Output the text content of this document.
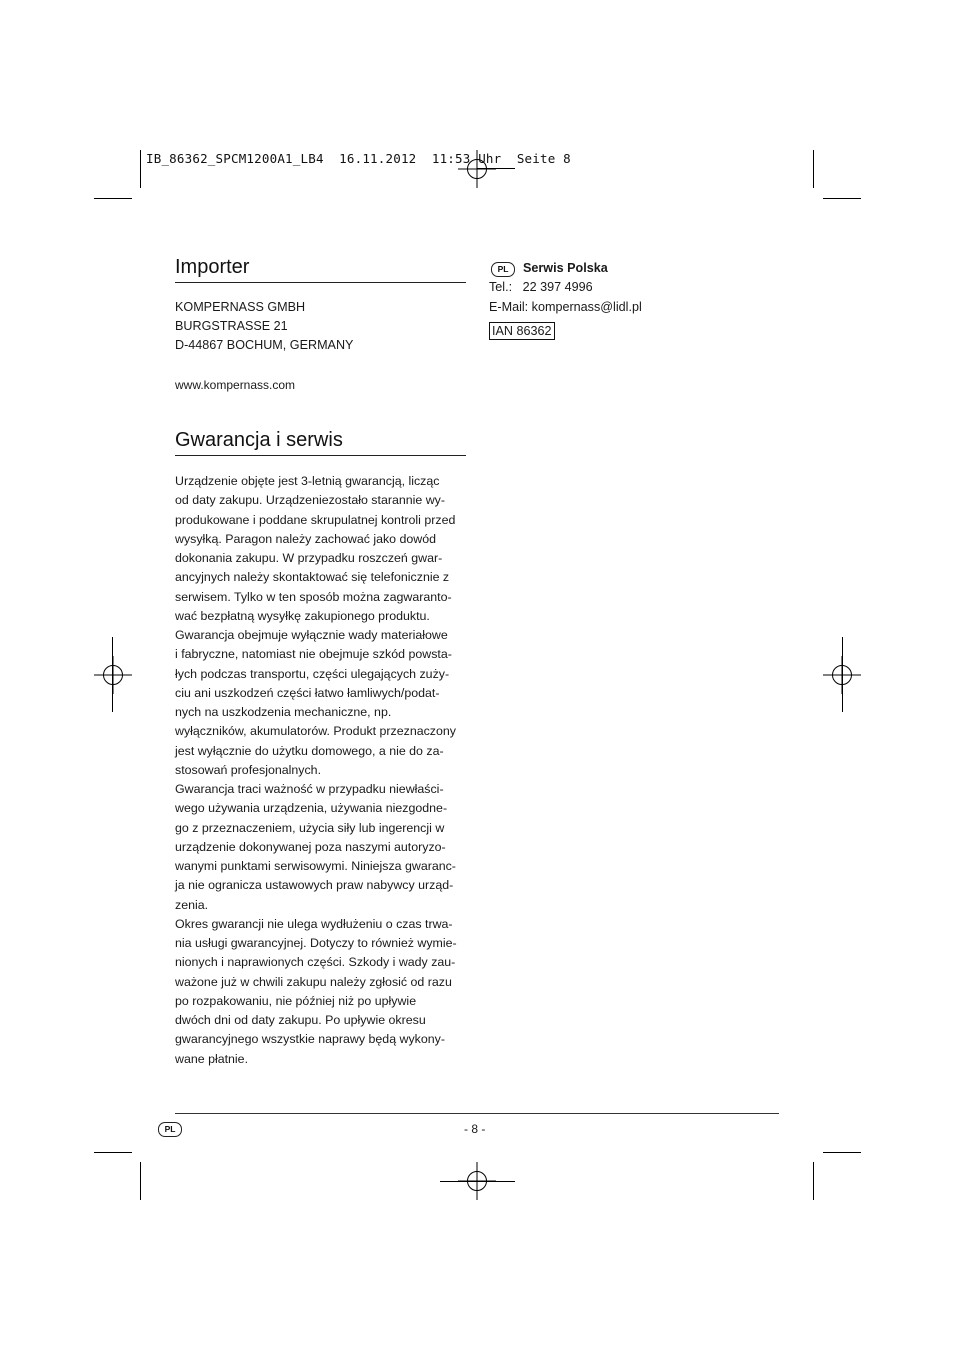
IB_86362_SPCM1200A1_LB4  16.11.2012  11:53 Uhr  Seite 8
Importer
KOMPERNASS GMBH
BURGSTRASSE 21
D-44867 BOCHUM, GERMANY
www.kompernass.com
Gwarancja i serwis
Urządzenie objęte jest 3-letnią gwarancją, licząc
od daty zakupu. Urządzeniezostało starannie wy-
produkowane i poddane skrupulatnej kontroli przed
wysyłką. Paragon należy zachować jako dowód
dokonania zakupu. W przypadku roszczeń gwar-
ancyjnych należy skontaktować się telefonicznie z
serwisem. Tylko w ten sposób można zagwaranto-
wać bezpłatną wysyłkę zakupionego produktu.
Gwarancja obejmuje wyłącznie wady materiałowe
i fabryczne, natomiast nie obejmuje szkód powsta-
łych podczas transportu, części ulegających zuży-
ciu ani uszkodzeń części łatwo łamliwych/podat-
nych na uszkodzenia mechaniczne, np.
wyłączników, akumulatorów. Produkt przeznaczony
jest wyłącznie do użytku domowego, a nie do za-
stosowań profesjonalnych.
Gwarancja traci ważność w przypadku niewłaści-
wego używania urządzenia, używania niezgodne-
go z przeznaczeniem, użycia siły lub ingerencji w
urządzenie dokonywanej poza naszymi autoryzo-
wanymi punktami serwisowymi. Niniejsza gwaranc-
ja nie ogranicza ustawowych praw nabywcy urząd-
zenia.
Okres gwarancji nie ulega wydłużeniu o czas trwa-
nia usługi gwarancyjnej. Dotyczy to również wymie-
nionych i naprawionych części. Szkody i wady zau-
ważone już w chwili zakupu należy zgłosić od razu
po rozpakowaniu, nie później niż po upływie
dwóch dni od daty zakupu. Po upływie okresu
gwarancyjnego wszystkie naprawy będą wykony-
wane płatnie.
PL	Serwis Polska
Tel.:   22 397 4996
E-Mail: kompernass@lidl.pl
IAN 86362
PL	- 8 -
